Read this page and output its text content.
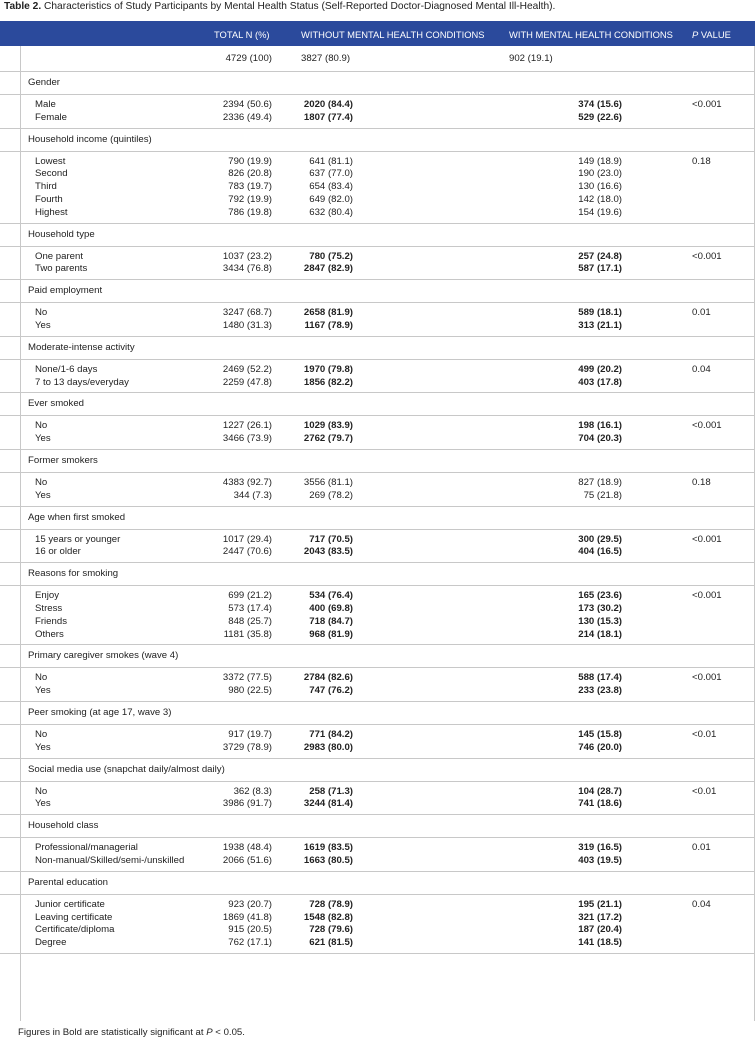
Table 2. Characteristics of Study Participants by Mental Health Status (Self-Reported Doctor-Diagnosed Mental Ill-Health).
TOTAL N (%)	WITHOUT MENTAL HEALTH CONDITIONS	WITH MENTAL HEALTH CONDITIONS P VALUE
4729 (100)	3827 (80.9)	902 (19.1)
Gender
Male	2394 (50.6)	2020 (84.4)	374 (15.6)	<0.001
Female	2336 (49.4)	1807 (77.4)	529 (22.6)
Household income (quintiles)
Lowest	790 (19.9)	641 (81.1)	149 (18.9)	0.18
Second	826 (20.8)	637 (77.0)	190 (23.0)
Third	783 (19.7)	654 (83.4)	130 (16.6)
Fourth	792 (19.9)	649 (82.0)	142 (18.0)
Highest	786 (19.8)	632 (80.4)	154 (19.6)
Household type
One parent	1037 (23.2)	780 (75.2)	257 (24.8)	<0.001
Two parents	3434 (76.8)	2847 (82.9)	587 (17.1)
Paid employment
No	3247 (68.7)	2658 (81.9)	589 (18.1)	0.01
Yes	1480 (31.3)	1167 (78.9)	313 (21.1)
Moderate-intense activity
None/1-6 days	2469 (52.2)	1970 (79.8)	499 (20.2)	0.04
7 to 13 days/everyday	2259 (47.8)	1856 (82.2)	403 (17.8)
Ever smoked
No	1227 (26.1)	1029 (83.9)	198 (16.1)	<0.001
Yes	3466 (73.9)	2762 (79.7)	704 (20.3)
Former smokers
No	4383 (92.7)	3556 (81.1)	827 (18.9)	0.18
Yes	344 (7.3)	269 (78.2)	75 (21.8)
Age when first smoked
15 years or younger	1017 (29.4)	717 (70.5)	300 (29.5)	<0.001
16 or older	2447 (70.6)	2043 (83.5)	404 (16.5)
Reasons for smoking
Enjoy	699 (21.2)	534 (76.4)	165 (23.6)	<0.001
Stress	573 (17.4)	400 (69.8)	173 (30.2)
Friends	848 (25.7)	718 (84.7)	130 (15.3)
Others	1181 (35.8)	968 (81.9)	214 (18.1)
Primary caregiver smokes (wave 4)
No	3372 (77.5)	2784 (82.6)	588 (17.4)	<0.001
Yes	980 (22.5)	747 (76.2)	233 (23.8)
Peer smoking (at age 17, wave 3)
No	917 (19.7)	771 (84.2)	145 (15.8)	<0.01
Yes	3729 (78.9)	2983 (80.0)	746 (20.0)
Social media use (snapchat daily/almost daily)
No	362 (8.3)	258 (71.3)	104 (28.7)	<0.01
Yes	3986 (91.7)	3244 (81.4)	741 (18.6)
Household class
Professional/managerial	1938 (48.4)	1619 (83.5)	319 (16.5)	0.01
Non-manual/Skilled/semi-/unskilled	2066 (51.6)	1663 (80.5)	403 (19.5)
Parental education
Junior certificate	923 (20.7)	728 (78.9)	195 (21.1)	0.04
Leaving certificate	1869 (41.8)	1548 (82.8)	321 (17.2)
Certificate/diploma	915 (20.5)	728 (79.6)	187 (20.4)
Degree	762 (17.1)	621 (81.5)	141 (18.5)
Figures in Bold are statistically significant at P < 0.05.
